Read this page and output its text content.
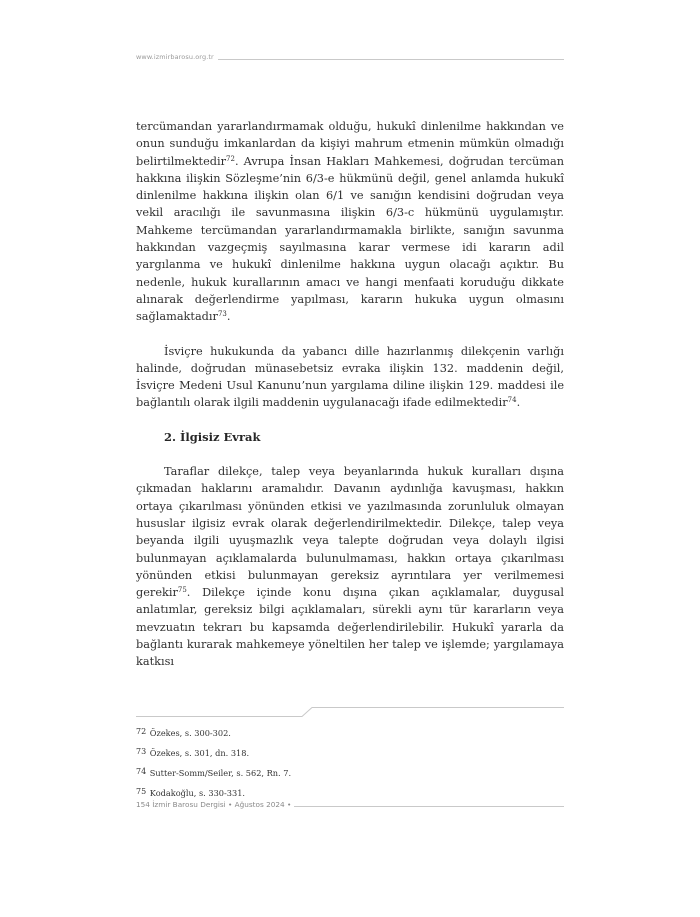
www.izmirbarosu.org.tr

tercümandan yararlandırmamak olduğu, hukukî dinlenilme hakkından ve onun sunduğu imkanlardan da kişiyi mahrum etmenin mümkün olmadığı belirtilmektedir$^{72}$. Avrupa İnsan Hakları Mahkemesi, doğrudan tercüman hakkına ilişkin Sözleşme’nin 6/3-e hükmünü değil, genel anlamda hukukî dinlenilme hakkına ilişkin olan 6/1 ve sanığın kendisini doğrudan veya vekil aracılığı ile savunmasına ilişkin 6/3-c hükmünü uygulamıştır. Mahkeme tercümandan yararlandırmamakla birlikte, sanığın savunma hakkından vazgeçmiş sayılmasına karar vermese idi kararın adil yargılanma ve hukukî dinlenilme hakkına uygun olacağı açıktır. Bu nedenle, hukuk kurallarının amacı ve hangi menfaati koruduğu dikkate alınarak değerlendirme yapılması, kararın hukuka uygun olmasını sağlamaktadır$^{73}$.

İsviçre hukukunda da yabancı dille hazırlanmış dilekçenin varlığı halinde, doğrudan münasebetsiz evraka ilişkin 132. maddenin değil, İsviçre Medeni Usul Kanunu’nun yargılama diline ilişkin 129. maddesi ile bağlantılı olarak ilgili maddenin uygulanacağı ifade edilmektedir$^{74}$.

2. İlgisiz Evrak

Taraflar dilekçe, talep veya beyanlarında hukuk kuralları dışına çıkmadan haklarını aramalıdır. Davanın aydınlığa kavuşması, hakkın ortaya çıkarılması yönünden etkisi ve yazılmasında zorunluluk olmayan hususlar ilgisiz evrak olarak değerlendirilmektedir. Dilekçe, talep veya beyanda ilgili uyuşmazlık veya talepte doğrudan veya dolaylı ilgisi bulunmayan açıklamalarda bulunulmaması, hakkın ortaya çıkarılması yönünden etkisi bulunmayan gereksiz ayrıntılara yer verilmemesi gerekir$^{75}$. Dilekçe içinde konu dışına çıkan açıklamalar, duygusal anlatımlar, gereksiz bilgi açıklamaları, sürekli aynı tür kararların veya mevzuatın tekrarı bu kapsamda değerlendirilebilir. Hukukî yararla da bağlantı kurarak mahkemeye yöneltilen her talep ve işlemde; yargılamaya katkısı

72 Özekes, s. 300-302.

73 Özekes, s. 301, dn. 318.

74 Sutter-Somm/Seiler, s. 562, Rn. 7.

75 Kodakoğlu, s. 330-331.

154 İzmir Barosu Dergisi • Ağustos 2024 •
